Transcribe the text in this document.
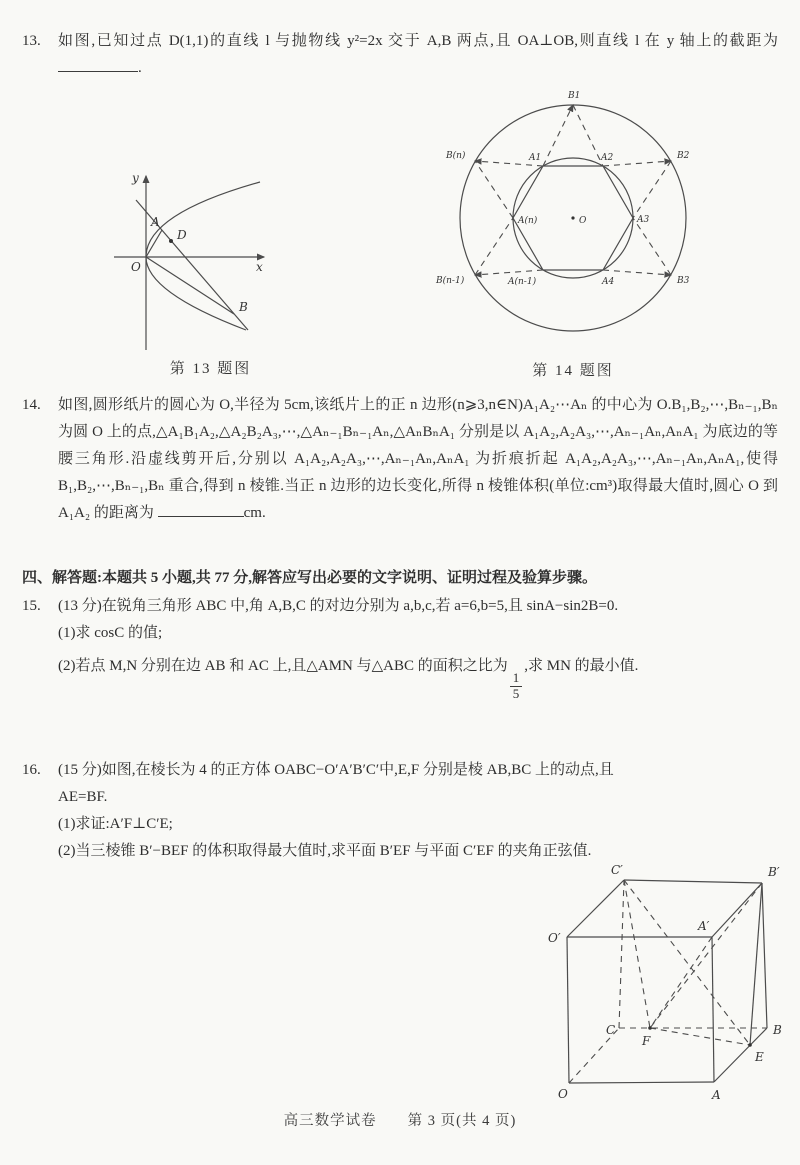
13. 如图,已知过点 D(1,1)的直线 l 与抛物线 y²=2x 交于 A,B 两点,且 OA⊥OB,则直线 l 在 y 轴上的截距为 .
y
x
O
A
D
B
第 13 题图
B1
B2
B3
B(n-1)
B(n)	A1	A2
A3
A4
A(n-1)
A(n)	O
第 14 题图
14. 如图,圆形纸片的圆心为 O,半径为 5cm,该纸片上的正 n 边形(n⩾3,n∈N)A₁A₂⋯Aₙ 的中心为 O.B₁,B₂,⋯,Bₙ₋₁,Bₙ 为圆 O 上的点,△A₁B₁A₂,△A₂B₂A₃,⋯,△Aₙ₋₁Bₙ₋₁Aₙ,△AₙBₙA₁ 分别是以 A₁A₂,A₂A₃,⋯,Aₙ₋₁Aₙ,AₙA₁ 为底边的等腰三角形.沿虚线剪开后,分别以 A₁A₂,A₂A₃,⋯,Aₙ₋₁Aₙ,AₙA₁ 为折痕折起 A₁A₂,A₂A₃,⋯,Aₙ₋₁Aₙ,AₙA₁,使得 B₁,B₂,⋯,Bₙ₋₁,Bₙ 重合,得到 n 棱锥.当正 n 边形的边长变化,所得 n 棱锥体积(单位:cm³)取得最大值时,圆心 O 到 A₁A₂ 的距离为	cm.
四、解答题:本题共 5 小题,共 77 分,解答应写出必要的文字说明、证明过程及验算步骤。
15. (13 分)在锐角三角形 ABC 中,角 A,B,C 的对边分别为 a,b,c,若 a=6,b=5,且 sinA−sin2B=0.
(1)求 cosC 的值;
(2)若点 M,N 分别在边 AB 和 AC 上,且△AMN 与△ABC 的面积之比为
$\frac{1}{5}$
,求 MN 的最小值.
16. (15 分)如图,在棱长为 4 的正方体 OABC−O′A′B′C′中,E,F 分别是棱 AB,BC 上的动点,且
AE=BF.
(1)求证:A′F⊥C′E;
(2)当三棱锥 B′−BEF 的体积取得最大值时,求平面 B′EF 与平面 C′EF 的夹角正弦值.
O	A
B
C
O′
A′
B′
C′
E
F
高三数学试卷　　第 3 页(共 4 页)
